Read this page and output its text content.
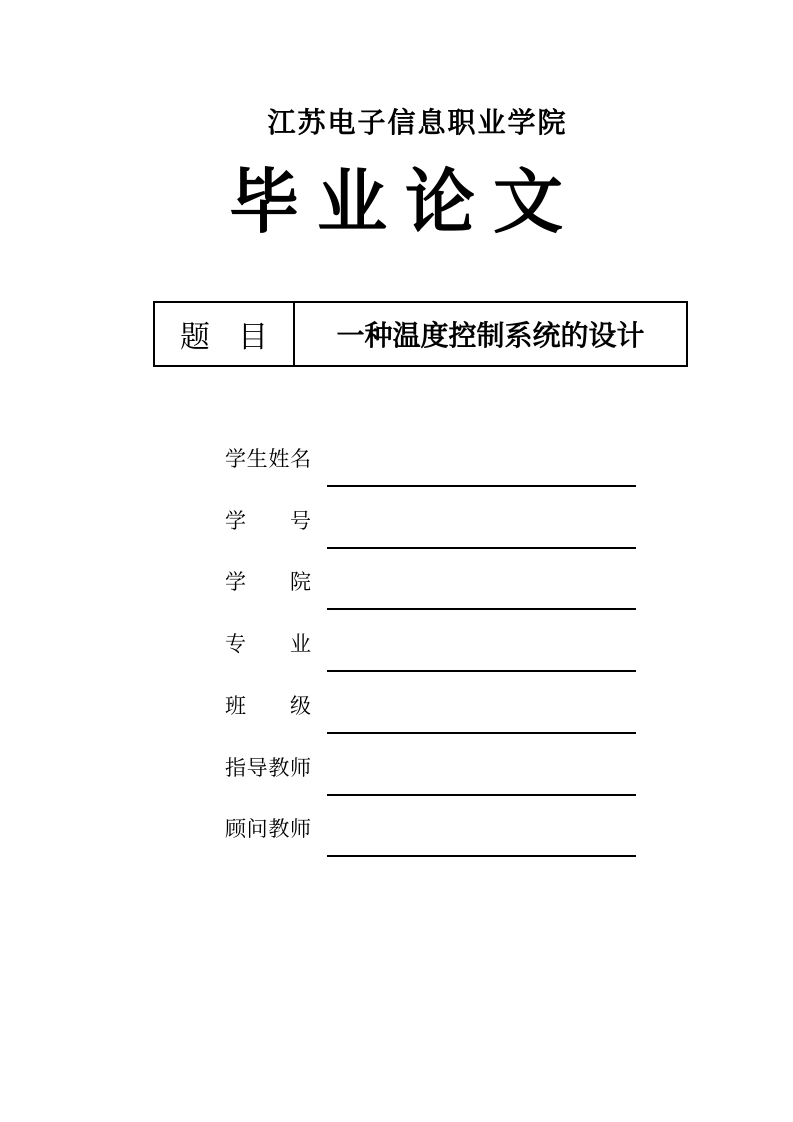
江苏电子信息职业学院
毕业论文
题目 一种温度控制系统的设计
学生姓名
学号
学院
专业
班级
指导教师
顾问教师
